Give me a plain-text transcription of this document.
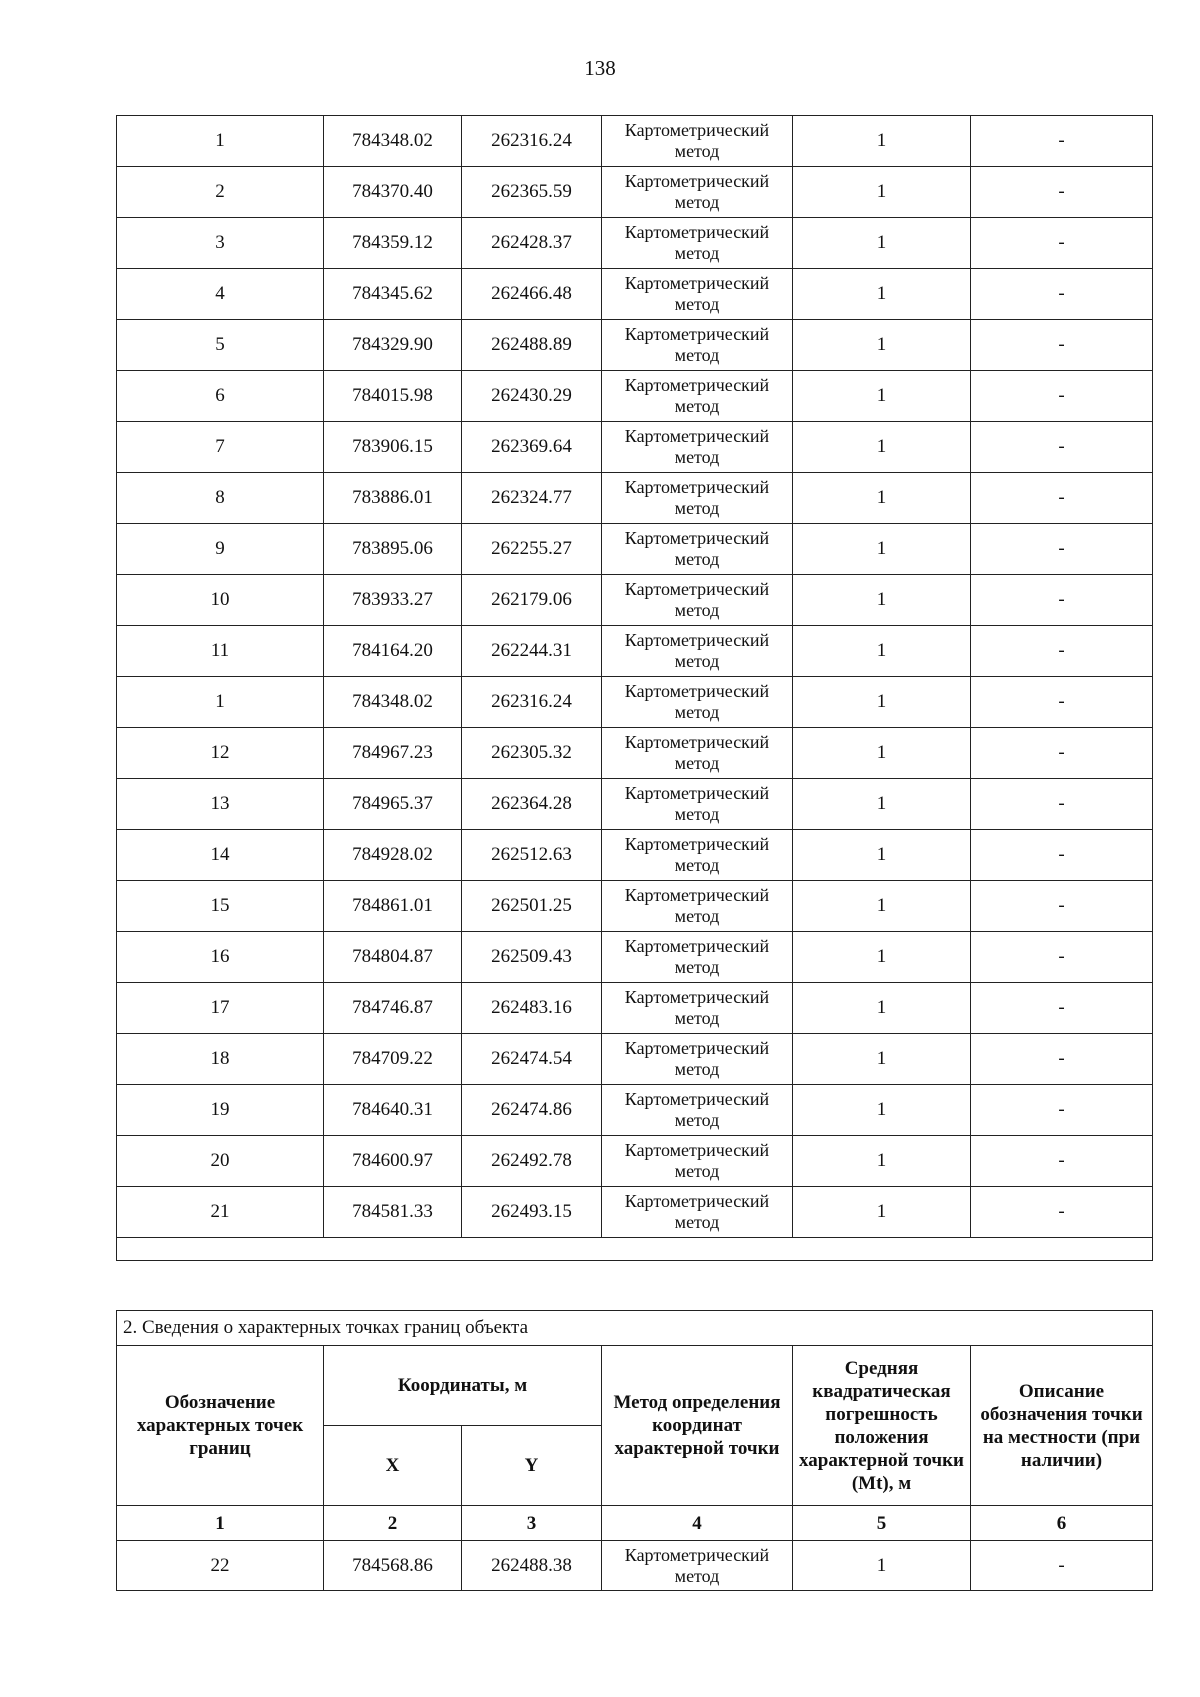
138
1	784348.02	262316.24	Картометрический метод	1	-
2	784370.40	262365.59	Картометрический метод	1	-
3	784359.12	262428.37	Картометрический метод	1	-
4	784345.62	262466.48	Картометрический метод	1	-
5	784329.90	262488.89	Картометрический метод	1	-
6	784015.98	262430.29	Картометрический метод	1	-
7	783906.15	262369.64	Картометрический метод	1	-
8	783886.01	262324.77	Картометрический метод	1	-
9	783895.06	262255.27	Картометрический метод	1	-
10	783933.27	262179.06	Картометрический метод	1	-
11	784164.20	262244.31	Картометрический метод	1	-
1	784348.02	262316.24	Картометрический метод	1	-
12	784967.23	262305.32	Картометрический метод	1	-
13	784965.37	262364.28	Картометрический метод	1	-
14	784928.02	262512.63	Картометрический метод	1	-
15	784861.01	262501.25	Картометрический метод	1	-
16	784804.87	262509.43	Картометрический метод	1	-
17	784746.87	262483.16	Картометрический метод	1	-
18	784709.22	262474.54	Картометрический метод	1	-
19	784640.31	262474.86	Картометрический метод	1	-
20	784600.97	262492.78	Картометрический метод	1	-
21	784581.33	262493.15	Картометрический метод	1	-

2. Сведения о характерных точках границ объекта					
Обозначение характерных точек границ	Координаты, м		Метод определения координат характерной точки	Средняя квадратическая погрешность положения характерной точки (Mt), м	Описание обозначения точки на местности (при наличии)
	X	Y			
1	2	3	4	5	6
22	784568.86	262488.38	Картометрический метод	1	-
